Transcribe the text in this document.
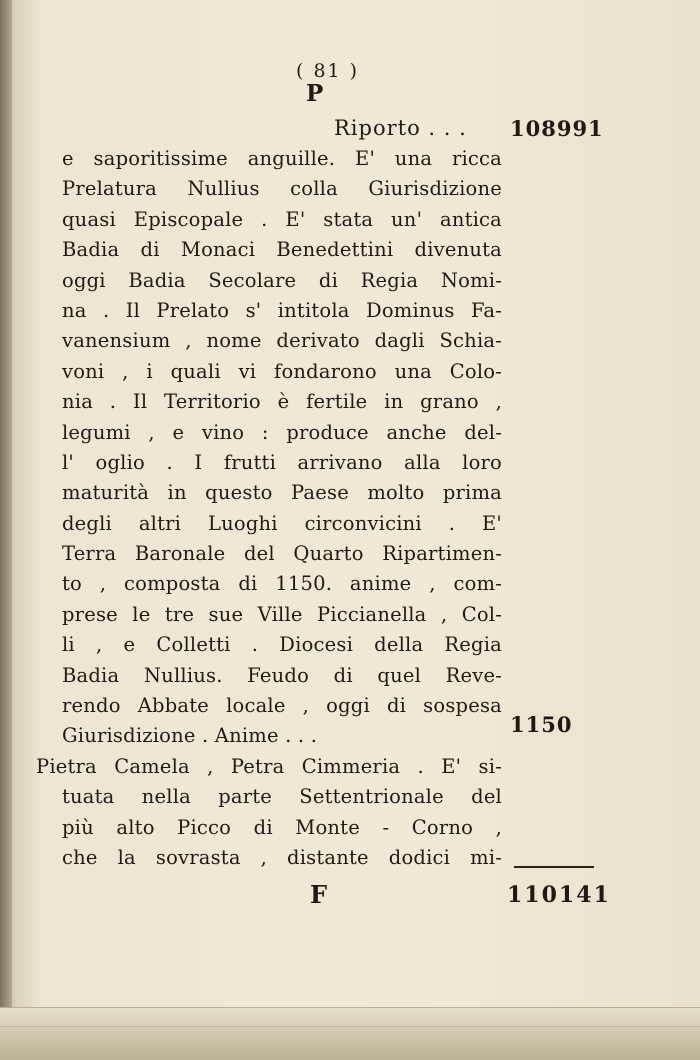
( 81 )
P
Riporto . . . 108991
e saporitissime anguille. E' una ricca
Prelatura Nullius colla Giurisdizione
quasi Episcopale . E' stata un' antica
Badia di Monaci Benedettini divenuta
oggi Badia Secolare di Regia Nomi-
na . Il Prelato s' intitola Dominus Fa-
vanensium , nome derivato dagli Schia-
voni , i quali vi fondarono una Colo-
nia . Il Territorio è fertile in grano ,
legumi , e vino : produce anche del-
l' oglio . I frutti arrivano alla loro
maturità in questo Paese molto prima
degli altri Luoghi circonvicini . E'
Terra Baronale del Quarto Ripartimen-
to , composta di 1150. anime , com-
prese le tre sue Ville Piccianella , Col-
li , e Colletti . Diocesi della Regia
Badia Nullius. Feudo di quel Reve-
rendo Abbate locale , oggi di sospesa
Giurisdizione . Anime . . .
Pietra Camela , Petra Cimmeria . E' si-
tuata nella parte Settentrionale del
più alto Picco di Monte - Corno ,
che la sovrasta , distante dodici mi-
1150
F	110141
